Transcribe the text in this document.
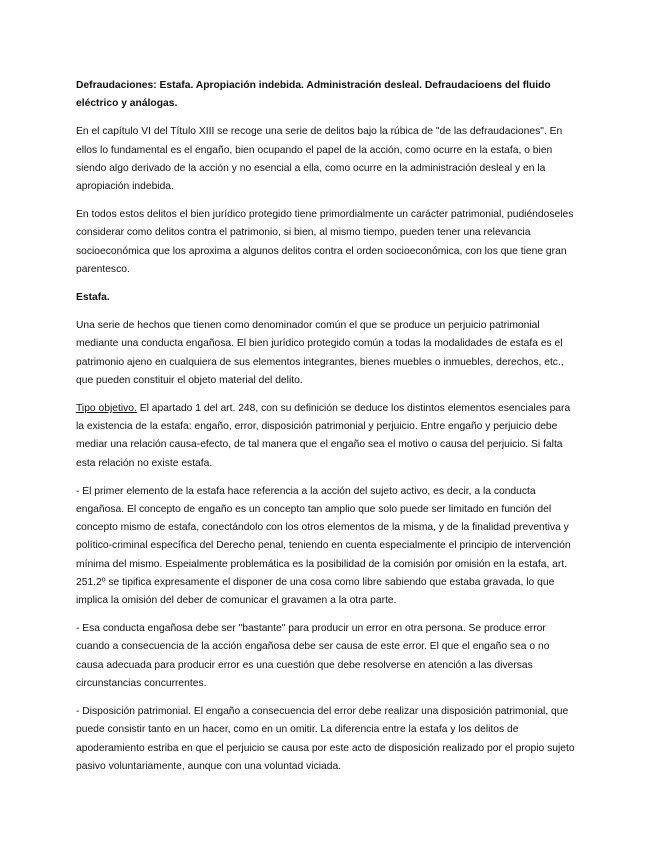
Defraudaciones: Estafa. Apropiación indebida. Administración desleal. Defraudacioens del fluido eléctrico y análogas.

En el capítulo VI del Título XIII se recoge una serie de delitos bajo la rúbica de "de las defraudaciones". En ellos lo fundamental es el engaño, bien ocupando el papel de la acción, como ocurre en la estafa, o bien siendo algo derivado de la acción y no esencial a ella, como ocurre en la administración desleal y en la apropiación indebida.

En todos estos delitos el bien jurídico protegido tiene primordialmente un carácter patrimonial, pudiéndoseles considerar como delitos contra el patrimonio, si bien, al mismo tiempo, pueden tener una relevancia socioeconómica que los aproxima a algunos delitos contra el orden socioeconómica, con los que tiene gran parentesco.

Estafa.

Una serie de hechos que tienen como denominador común el que se produce un perjuicio patrimonial mediante una conducta engañosa. El bien jurídico protegido común a todas la modalidades de estafa es el patrimonio ajeno en cualquiera de sus elementos integrantes, bienes muebles o inmuebles, derechos, etc., que pueden constituir el objeto material del delito.

Tipo objetivo. El apartado 1 del art. 248, con su definición se deduce los distintos elementos esenciales para la existencia de la estafa: engaño, error, disposición patrimonial y perjuicio. Entre engaño y perjuicio debe mediar una relación causa-efecto, de tal manera que el engaño sea el motivo o causa del perjuicio. Si falta esta relación no existe estafa.

- El primer elemento de la estafa hace referencia a la acción del sujeto activo, es decir, a la conducta engañosa. El concepto de engaño es un concepto tan amplio que solo puede ser limitado en función del concepto mismo de estafa, conectándolo con los otros elementos de la misma, y de la finalidad preventiva y político-criminal específica del Derecho penal, teniendo en cuenta especialmente el principio de intervención mínima del mismo. Espeialmente problemática es la posibilidad de la comisión por omisión en la estafa, art. 251.2º se tipifica expresamente el disponer de una cosa como libre sabiendo que estaba gravada, lo que implica la omisión del deber de comunicar el gravamen a la otra parte.

- Esa conducta engañosa debe ser "bastante" para producir un error en otra persona. Se produce error cuando a consecuencia de la acción engañosa debe ser causa de este error. El que el engaño sea o no causa adecuada para producir error es una cuestión que debe resolverse en atención a las diversas circunstancias concurrentes.

- Disposición patrimonial. El engaño a consecuencia del error debe realizar una disposición patrimonial, que puede consistir tanto en un hacer, como en un omitir. La diferencia entre la estafa y los delitos de apoderamiento estriba en que el perjuicio se causa por este acto de disposición realizado por el propio sujeto pasivo voluntariamente, aunque con una voluntad viciada.
